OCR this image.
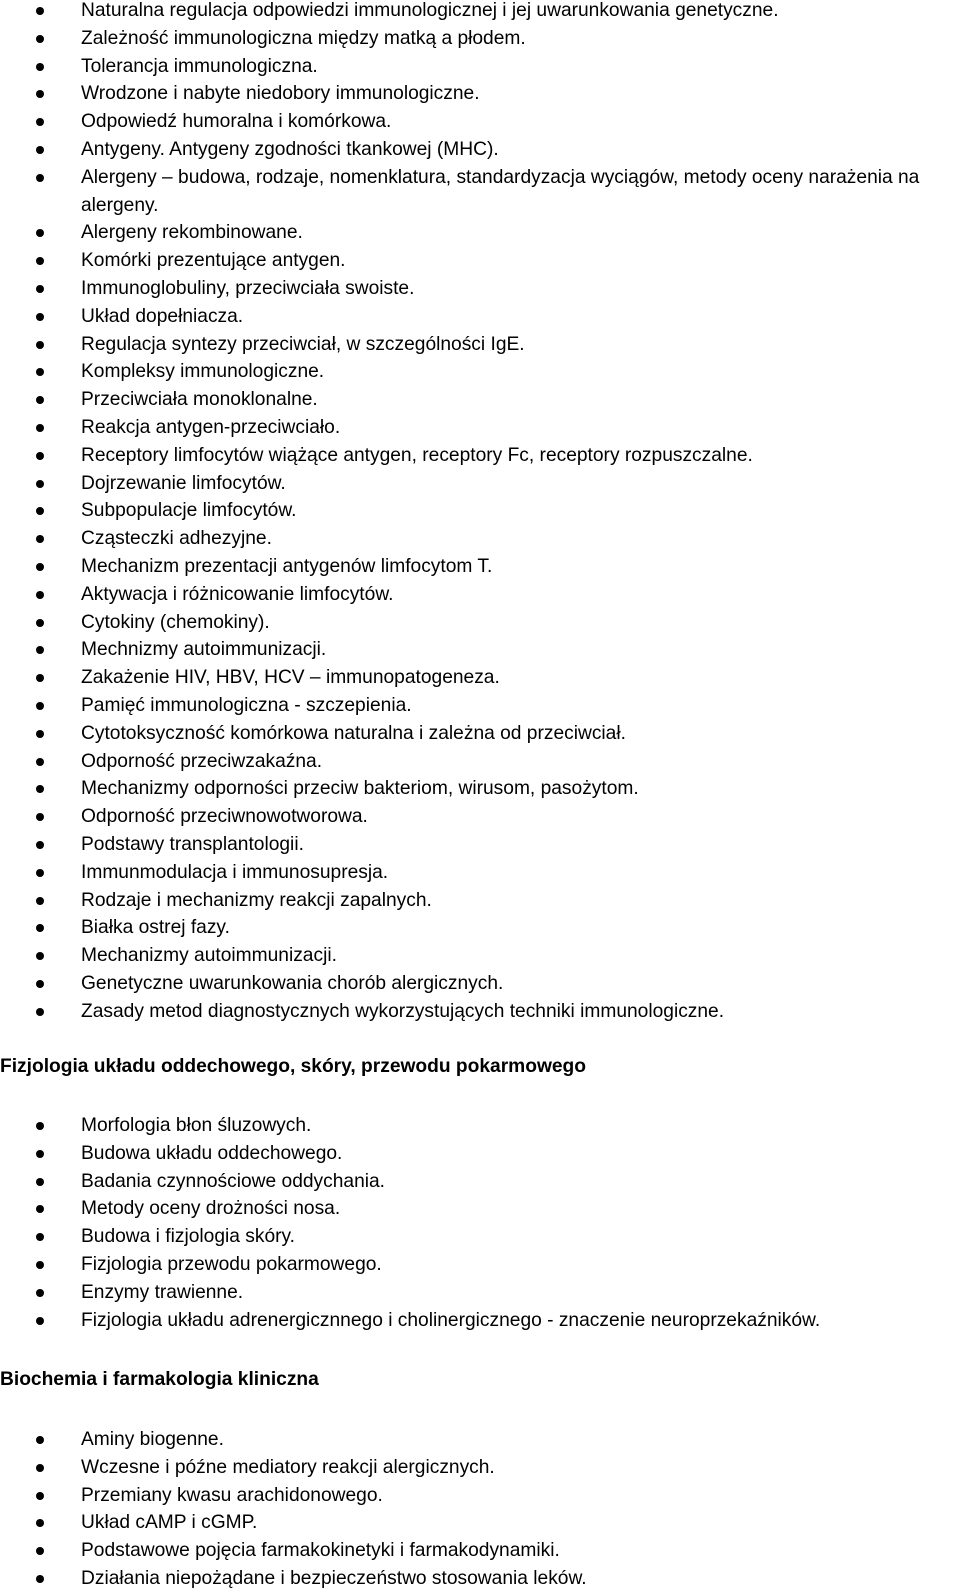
Naturalna regulacja odpowiedzi immunologicznej i jej uwarunkowania genetyczne.
Zależność immunologiczna między matką a płodem.
Tolerancja immunologiczna.
Wrodzone i nabyte niedobory immunologiczne.
Odpowiedź humoralna i komórkowa.
Antygeny. Antygeny zgodności tkankowej (MHC).
Alergeny – budowa, rodzaje, nomenklatura, standardyzacja wyciągów, metody oceny narażenia na alergeny.
Alergeny rekombinowane.
Komórki prezentujące antygen.
Immunoglobuliny, przeciwciała swoiste.
Układ dopełniacza.
Regulacja syntezy przeciwciał, w szczególności IgE.
Kompleksy immunologiczne.
Przeciwciała monoklonalne.
Reakcja antygen-przeciwciało.
Receptory limfocytów wiążące antygen, receptory Fc, receptory rozpuszczalne.
Dojrzewanie limfocytów.
Subpopulacje limfocytów.
Cząsteczki adhezyjne.
Mechanizm prezentacji antygenów limfocytom T.
Aktywacja i różnicowanie limfocytów.
Cytokiny (chemokiny).
Mechnizmy autoimmunizacji.
Zakażenie HIV, HBV, HCV – immunopatogeneza.
Pamięć immunologiczna - szczepienia.
Cytotoksyczność komórkowa naturalna i zależna od przeciwciał.
Odporność przeciwzakaźna.
Mechanizmy odporności przeciw bakteriom, wirusom, pasożytom.
Odporność przeciwnowotworowa.
Podstawy transplantologii.
Immunmodulacja i immunosupresja.
Rodzaje i mechanizmy reakcji zapalnych.
Białka ostrej fazy.
Mechanizmy autoimmunizacji.
Genetyczne uwarunkowania chorób alergicznych.
Zasady metod diagnostycznych wykorzystujących techniki immunologiczne.
Fizjologia układu oddechowego, skóry, przewodu pokarmowego
Morfologia błon śluzowych.
Budowa układu oddechowego.
Badania czynnościowe oddychania.
Metody oceny drożności nosa.
Budowa i fizjologia skóry.
Fizjologia przewodu pokarmowego.
Enzymy trawienne.
Fizjologia układu adrenergicznnego i cholinergicznego - znaczenie neuroprzekaźników.
Biochemia i farmakologia kliniczna
Aminy biogenne.
Wczesne i późne mediatory reakcji alergicznych.
Przemiany kwasu arachidonowego.
Układ cAMP i cGMP.
Podstawowe pojęcia farmakokinetyki i farmakodynamiki.
Działania niepożądane i bezpieczeństwo stosowania leków.
